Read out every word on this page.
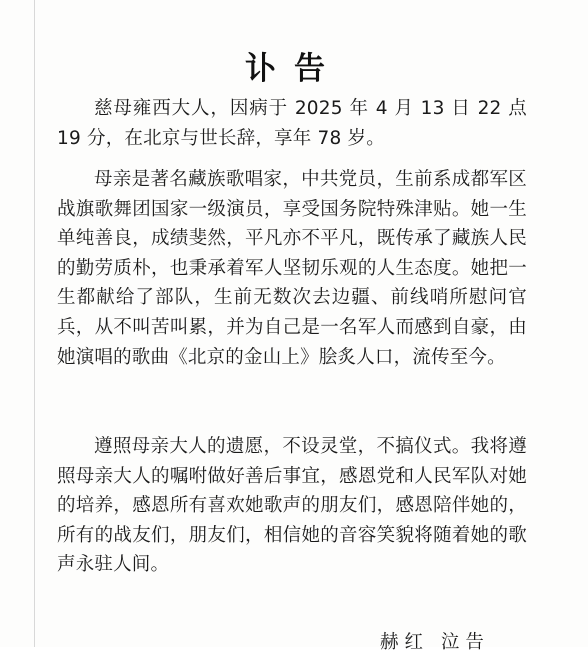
讣告

慈母雍西大人，因病于 2025 年 4 月 13 日 22 点 19 分，在北京与世长辞，享年 78 岁。

母亲是著名藏族歌唱家，中共党员，生前系成都军区战旗歌舞团国家一级演员，享受国务院特殊津贴。她一生单纯善良，成绩斐然，平凡亦不平凡，既传承了藏族人民的勤劳质朴，也秉承着军人坚韧乐观的人生态度。她把一生都献给了部队，生前无数次去边疆、前线哨所慰问官兵，从不叫苦叫累，并为自己是一名军人而感到自豪，由她演唱的歌曲《北京的金山上》脍炙人口，流传至今。

遵照母亲大人的遗愿，不设灵堂，不搞仪式。我将遵照母亲大人的嘱咐做好善后事宜，感恩党和人民军队对她的培养，感恩所有喜欢她歌声的朋友们，感恩陪伴她的，所有的战友们，朋友们，相信她的音容笑貌将随着她的歌声永驻人间。

赫红 泣告
